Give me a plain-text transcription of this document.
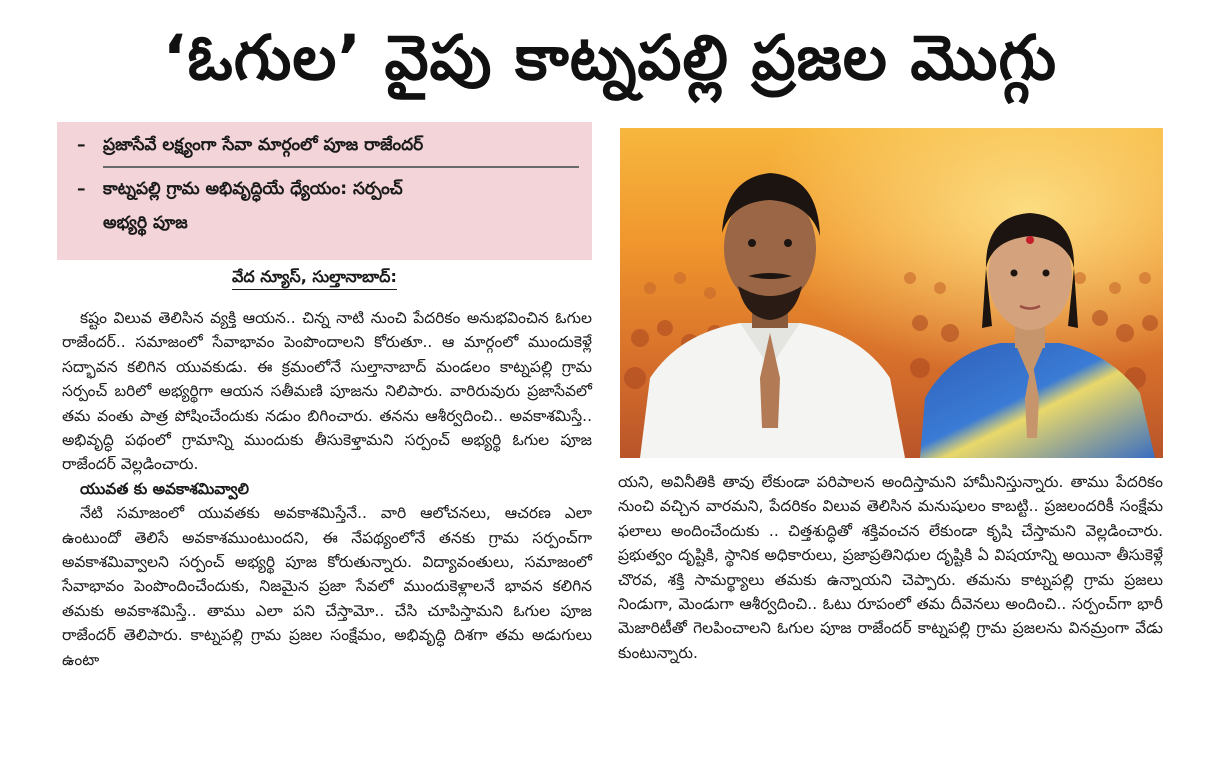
‘ఓగుల’ వైపు కాట్నపల్లి ప్రజల మొగ్గు
– ప్రజాసేవే లక్ష్యంగా సేవా మార్గంలో పూజ రాజేందర్
– కాట్నపల్లి గ్రామ అభివృద్ధియే ధ్యేయం: సర్పంచ్
అభ్యర్థి పూజ
వేద న్యూస్, సుల్తానాబాద్:

కష్టం విలువ తెలిసిన వ్యక్తి ఆయన.. చిన్న నాటి నుంచి పేదరికం అనుభవించిన ఓగుల రాజేందర్.. సమాజంలో సేవాభావం పెంపొందాలని కోరుతూ.. ఆ మార్గంలో ముందుకెళ్లే సద్భావన కలిగిన యువకుడు. ఈ క్రమంలోనే సుల్తానాబాద్ మండలం కాట్నపల్లి గ్రామ సర్పంచ్ బరిలో అభ్యర్థిగా ఆయన సతీమణి పూజను నిలిపారు. వారిరువురు ప్రజాసేవలో తమ వంతు పాత్ర పోషించేందుకు నడుం బిగించారు. తనను ఆశీర్వదించి.. అవకాశమిస్తే.. అభివృద్ధి పథంలో గ్రామాన్ని ముందుకు తీసుకెళ్తామని సర్పంచ్ అభ్యర్థి ఓగుల పూజ రాజేందర్ వెల్లడించారు.

యువత కు అవకాశమివ్వాలి

నేటి సమాజంలో యువతకు అవకాశమిస్తేనే.. వారి ఆలోచనలు, ఆచరణ ఎలా ఉంటుందో తెలిసే అవకాశముంటుందని, ఈ నేపథ్యంలోనే తనకు గ్రామ సర్పంచ్‌గా అవకాశమివ్వాలని సర్పంచ్ అభ్యర్థి పూజ కోరుతున్నారు. విద్యావంతులు, సమాజంలో సేవాభావం పెంపొందించేందుకు, నిజమైన ప్రజా సేవలో ముందుకెళ్లాలనే భావన కలిగిన తమకు అవకాశమిస్తే.. తాము ఎలా పని చేస్తామో.. చేసి చూపిస్తామని ఓగుల పూజ రాజేందర్ తెలిపారు. కాట్నపల్లి గ్రామ ప్రజల సంక్షేమం, అభివృద్ధి దిశగా తమ అడుగులు ఉంటా

యని, అవినీతికి తావు లేకుండా పరిపాలన అందిస్తామని హామీనిస్తున్నారు. తాము పేదరికం నుంచి వచ్చిన వారమని, పేదరికం విలువ తెలిసిన మనుషులం కాబట్టి.. ప్రజలందరికీ సంక్షేమ ఫలాలు అందించేందుకు .. చిత్తశుద్ధితో శక్తివంచన లేకుండా కృషి చేస్తామని వెల్లడించారు. ప్రభుత్వం దృష్టికి, స్థానిక అధికారులు, ప్రజాప్రతినిధుల దృష్టికి ఏ విషయాన్ని అయినా తీసుకెళ్లే చొరవ, శక్తి సామర్థ్యాలు తమకు ఉన్నాయని చెప్పారు. తమను కాట్నపల్లి గ్రామ ప్రజలు నిండుగా, మెండుగా ఆశీర్వదించి.. ఓటు రూపంలో తమ దీవెనలు అందించి.. సర్పంచ్‌గా భారీ మెజారిటీతో గెలపించాలని ఓగుల పూజ రాజేందర్ కాట్నపల్లి గ్రామ ప్రజలను వినమ్రంగా వేడు కుంటున్నారు.
